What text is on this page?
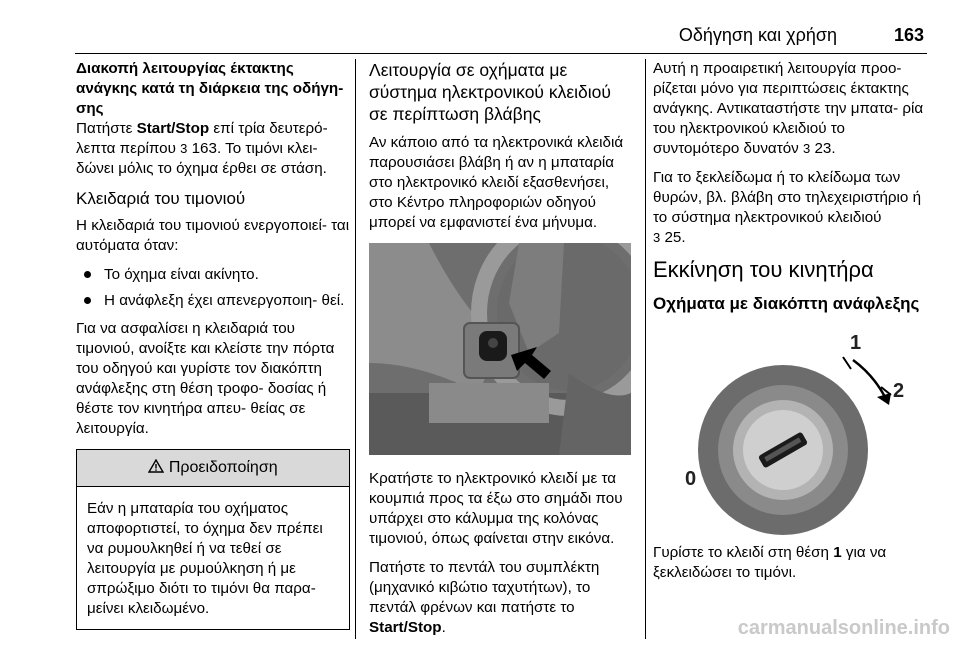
Οδήγηση και χρήση	163
Διακοπή λειτουργίας έκτακτης ανάγκης κατά τη διάρκεια της οδήγη- σης

Πατήστε Start/Stop επί τρία δευτερό- λεπτα περίπου 3 163. Το τιμόνι κλει- δώνει μόλις το όχημα έρθει σε στάση.

Κλειδαριά του τιμονιού

Η κλειδαριά του τιμονιού ενεργοποιεί- ται αυτόματα όταν:

Το όχημα είναι ακίνητο.
Η ανάφλεξη έχει απενεργοποιη- θεί.

Για να ασφαλίσει η κλειδαριά του τιμονιού, ανοίξτε και κλείστε την πόρτα του οδηγού και γυρίστε τον διακόπτη ανάφλεξης στη θέση τροφο- δοσίας ή θέστε τον κινητήρα απευ- θείας σε λειτουργία.

Προειδοποίηση
Εάν η μπαταρία του οχήματος αποφορτιστεί, το όχημα δεν πρέπει να ρυμουλκηθεί ή να τεθεί σε λειτουργία με ρυμούλκηση ή με σπρώξιμο διότι το τιμόνι θα παρα- μείνει κλειδωμένο.
Λειτουργία σε οχήματα με σύστημα ηλεκτρονικού κλειδιού σε περίπτωση βλάβης

Αν κάποιο από τα ηλεκτρονικά κλειδιά παρουσιάσει βλάβη ή αν η μπαταρία στο ηλεκτρονικό κλειδί εξασθενήσει, στο Κέντρο πληροφοριών οδηγού μπορεί να εμφανιστεί ένα μήνυμα.

Κρατήστε το ηλεκτρονικό κλειδί με τα κουμπιά προς τα έξω στο σημάδι που υπάρχει στο κάλυμμα της κολόνας τιμονιού, όπως φαίνεται στην εικόνα.

Πατήστε το πεντάλ του συμπλέκτη (μηχανικό κιβώτιο ταχυτήτων), το πεντάλ φρένων και πατήστε το Start/Stop.

Αυτή η προαιρετική λειτουργία προο- ρίζεται μόνο για περιπτώσεις έκτακτης ανάγκης. Αντικαταστήστε την μπατα- ρία του ηλεκτρονικού κλειδιού το συντομότερο δυνατόν 3 23.

Για το ξεκλείδωμα ή το κλείδωμα των θυρών, βλ. βλάβη στο τηλεχειριστήριο ή το σύστημα ηλεκτρονικού κλειδιού
3 25.

Εκκίνηση του κινητήρα
Οχήματα με διακόπτη ανάφλεξης
1
2
0

Γυρίστε το κλειδί στη θέση 1 για να ξεκλειδώσει το τιμόνι.

carmanualsonline.info
